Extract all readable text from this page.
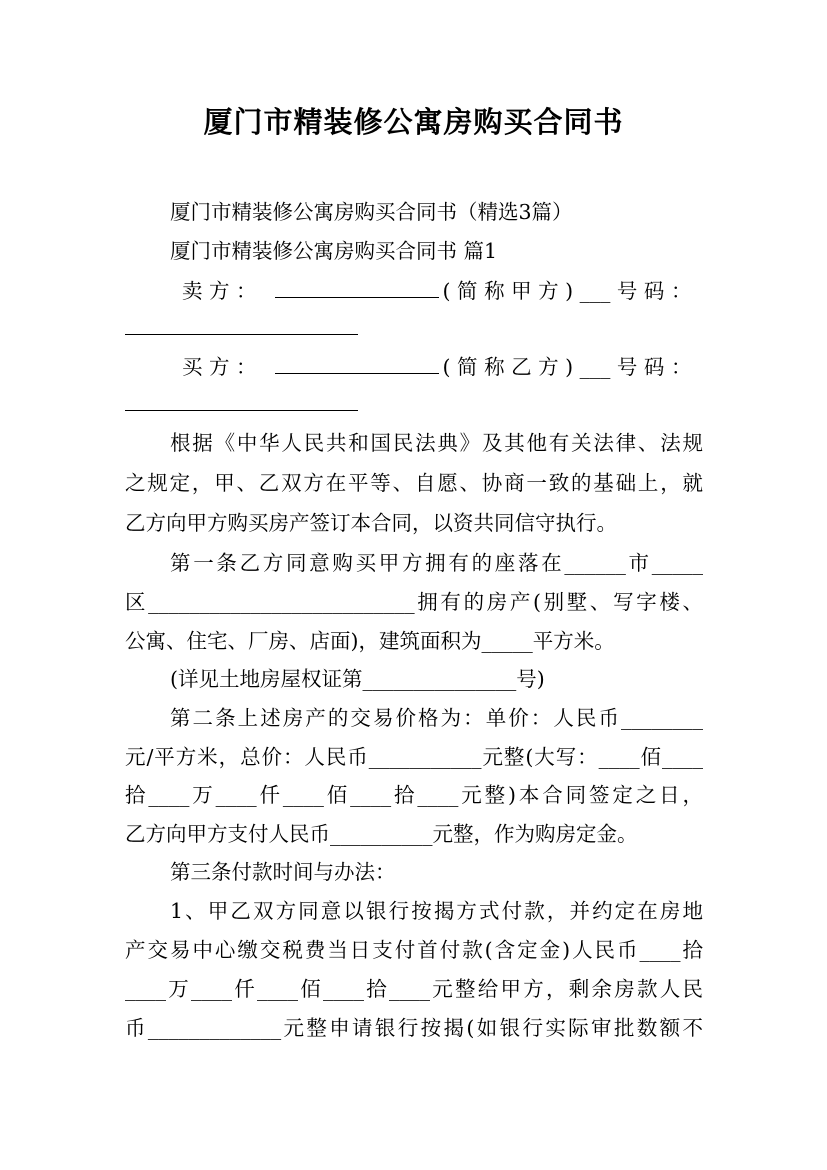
厦门市精装修公寓房购买合同书
厦门市精装修公寓房购买合同书（精选3篇）
厦门市精装修公寓房购买合同书 篇1
卖 方 ：	( 简 称 甲 方 ) ___ 号 码 ：
买 方 ：	( 简 称 乙 方 ) ___ 号 码 ：
根据《中华人民共和国民法典》及其他有关法律、法规
之规定，甲、乙双方在平等、自愿、协商一致的基础上，就
乙方向甲方购买房产签订本合同，以资共同信守执行。
第一条乙方同意购买甲方拥有的座落在______市_____
区__________________________拥有的房产(别墅、写字楼、
公寓、住宅、厂房、店面)，建筑面积为_____平方米。
(详见土地房屋权证第_______________号)
第二条上述房产的交易价格为：单价：人民币________
元/平方米，总价：人民币___________元整(大写：____佰____
拾____万____仟____佰____拾____元整)本合同签定之日，
乙方向甲方支付人民币__________元整，作为购房定金。
第三条付款时间与办法：
1、甲乙双方同意以银行按揭方式付款，并约定在房地
产交易中心缴交税费当日支付首付款(含定金)人民币____拾
____万____仟____佰____拾____元整给甲方，剩余房款人民
币_____________元整申请银行按揭(如银行实际审批数额不
